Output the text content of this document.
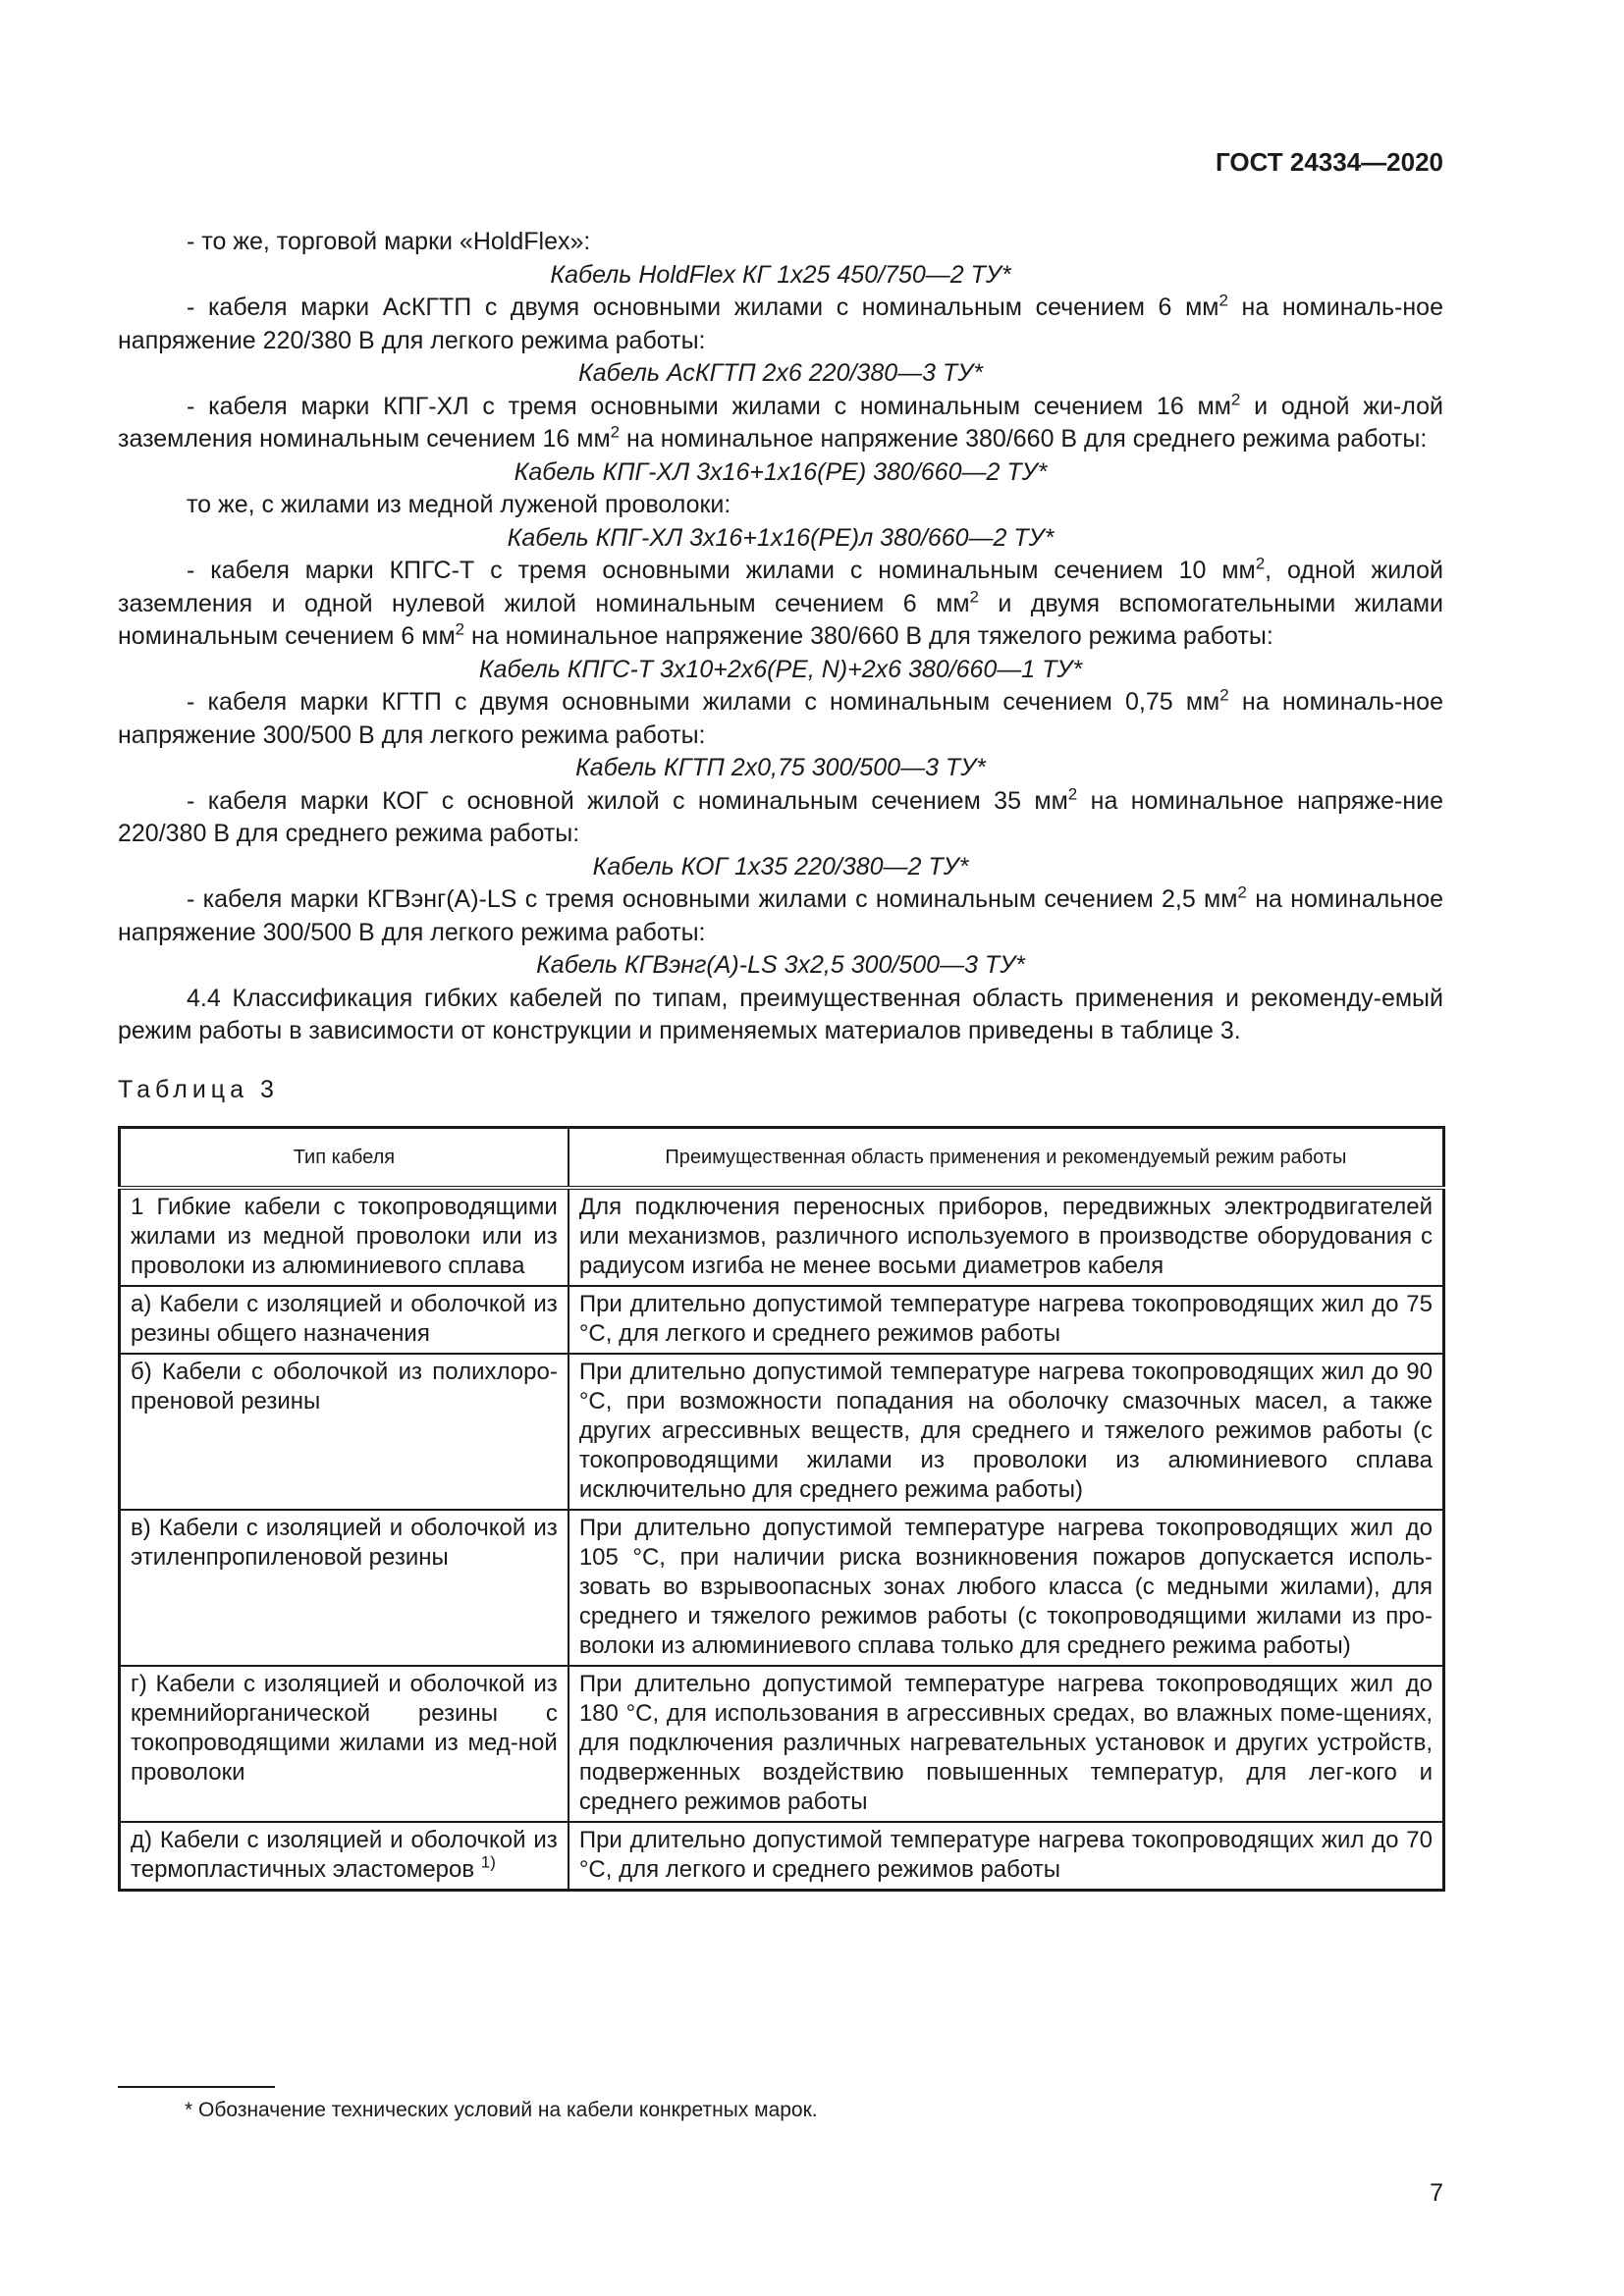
ГОСТ 24334—2020

- то же, торговой марки «HoldFlex»:

Кабель HoldFlex КГ 1х25 450/750—2 ТУ*

- кабеля марки АсКГТП с двумя основными жилами с номинальным сечением 6 $мм^2$ на номиналь-ное напряжение 220/380 В для легкого режима работы:

Кабель АсКГТП 2х6 220/380—3 ТУ*

- кабеля марки КПГ-ХЛ с тремя основными жилами с номинальным сечением 16 $мм^2$ и одной жи-лой заземления номинальным сечением 16 $мм^2$ на номинальное напряжение 380/660 В для среднего режима работы:

Кабель КПГ-ХЛ 3х16+1х16(PE) 380/660—2 ТУ*

то же, с жилами из медной луженой проволоки:

Кабель КПГ-ХЛ 3х16+1х16(PE)л 380/660—2 ТУ*

- кабеля марки КПГС-Т с тремя основными жилами с номинальным сечением 10 $мм^2$, одной жилой заземления и одной нулевой жилой номинальным сечением 6 $мм^2$ и двумя вспомогательными жилами номинальным сечением 6 $мм^2$ на номинальное напряжение 380/660 В для тяжелого режима работы:

Кабель КПГС-Т 3х10+2х6(PE, N)+2х6 380/660—1 ТУ*

- кабеля марки КГТП с двумя основными жилами с номинальным сечением 0,75 $мм^2$ на номиналь-ное напряжение 300/500 В для легкого режима работы:

Кабель КГТП 2х0,75 300/500—3 ТУ*

- кабеля марки КОГ с основной жилой с номинальным сечением 35 $мм^2$ на номинальное напряже-ние 220/380 В для среднего режима работы:

Кабель КОГ 1х35 220/380—2 ТУ*

- кабеля марки КГВэнг(А)-LS с тремя основными жилами с номинальным сечением 2,5 $мм^2$ на номинальное напряжение 300/500 В для легкого режима работы:

Кабель КГВэнг(А)-LS 3х2,5 300/500—3 ТУ*

4.4 Классификация гибких кабелей по типам, преимущественная область применения и рекоменду-емый режим работы в зависимости от конструкции и применяемых материалов приведены в таблице 3.

Таблица 3
Тип кабеля	Преимущественная область применения и рекомендуемый режим работы
1 Гибкие кабели с токопроводящими жилами из медной проволоки или из проволоки из алюминиевого сплава	Для подключения переносных приборов, передвижных электродвигателей или механизмов, различного используемого в производстве оборудования с радиусом изгиба не менее восьми диаметров кабеля
а) Кабели с изоляцией и оболочкой из резины общего назначения	При длительно допустимой температуре нагрева токопроводящих жил до 75 °С, для легкого и среднего режимов работы
б) Кабели с оболочкой из полихлоро-преновой резины	При длительно допустимой температуре нагрева токопроводящих жил до 90 °С, при возможности попадания на оболочку смазочных масел, а также других агрессивных веществ, для среднего и тяжелого режимов работы (с токопроводящими жилами из проволоки из алюминиевого сплава исключительно для среднего режима работы)
в) Кабели с изоляцией и оболочкой из этиленпропиленовой резины	При длительно допустимой температуре нагрева токопроводящих жил до 105 °С, при наличии риска возникновения пожаров допускается исполь-зовать во взрывоопасных зонах любого класса (с медными жилами), для среднего и тяжелого режимов работы (с токопроводящими жилами из про-волоки из алюминиевого сплава только для среднего режима работы)
г) Кабели с изоляцией и оболочкой из кремнийорганической резины с токопроводящими жилами из мед-ной проволоки	При длительно допустимой температуре нагрева токопроводящих жил до 180 °С, для использования в агрессивных средах, во влажных поме-щениях, для подключения различных нагревательных установок и других устройств, подверженных воздействию повышенных температур, для лег-кого и среднего режимов работы
д) Кабели с изоляцией и оболочкой из термопластичных эластомеров $^{1)}$	При длительно допустимой температуре нагрева токопроводящих жил до 70 °С, для легкого и среднего режимов работы
* Обозначение технических условий на кабели конкретных марок.
7
